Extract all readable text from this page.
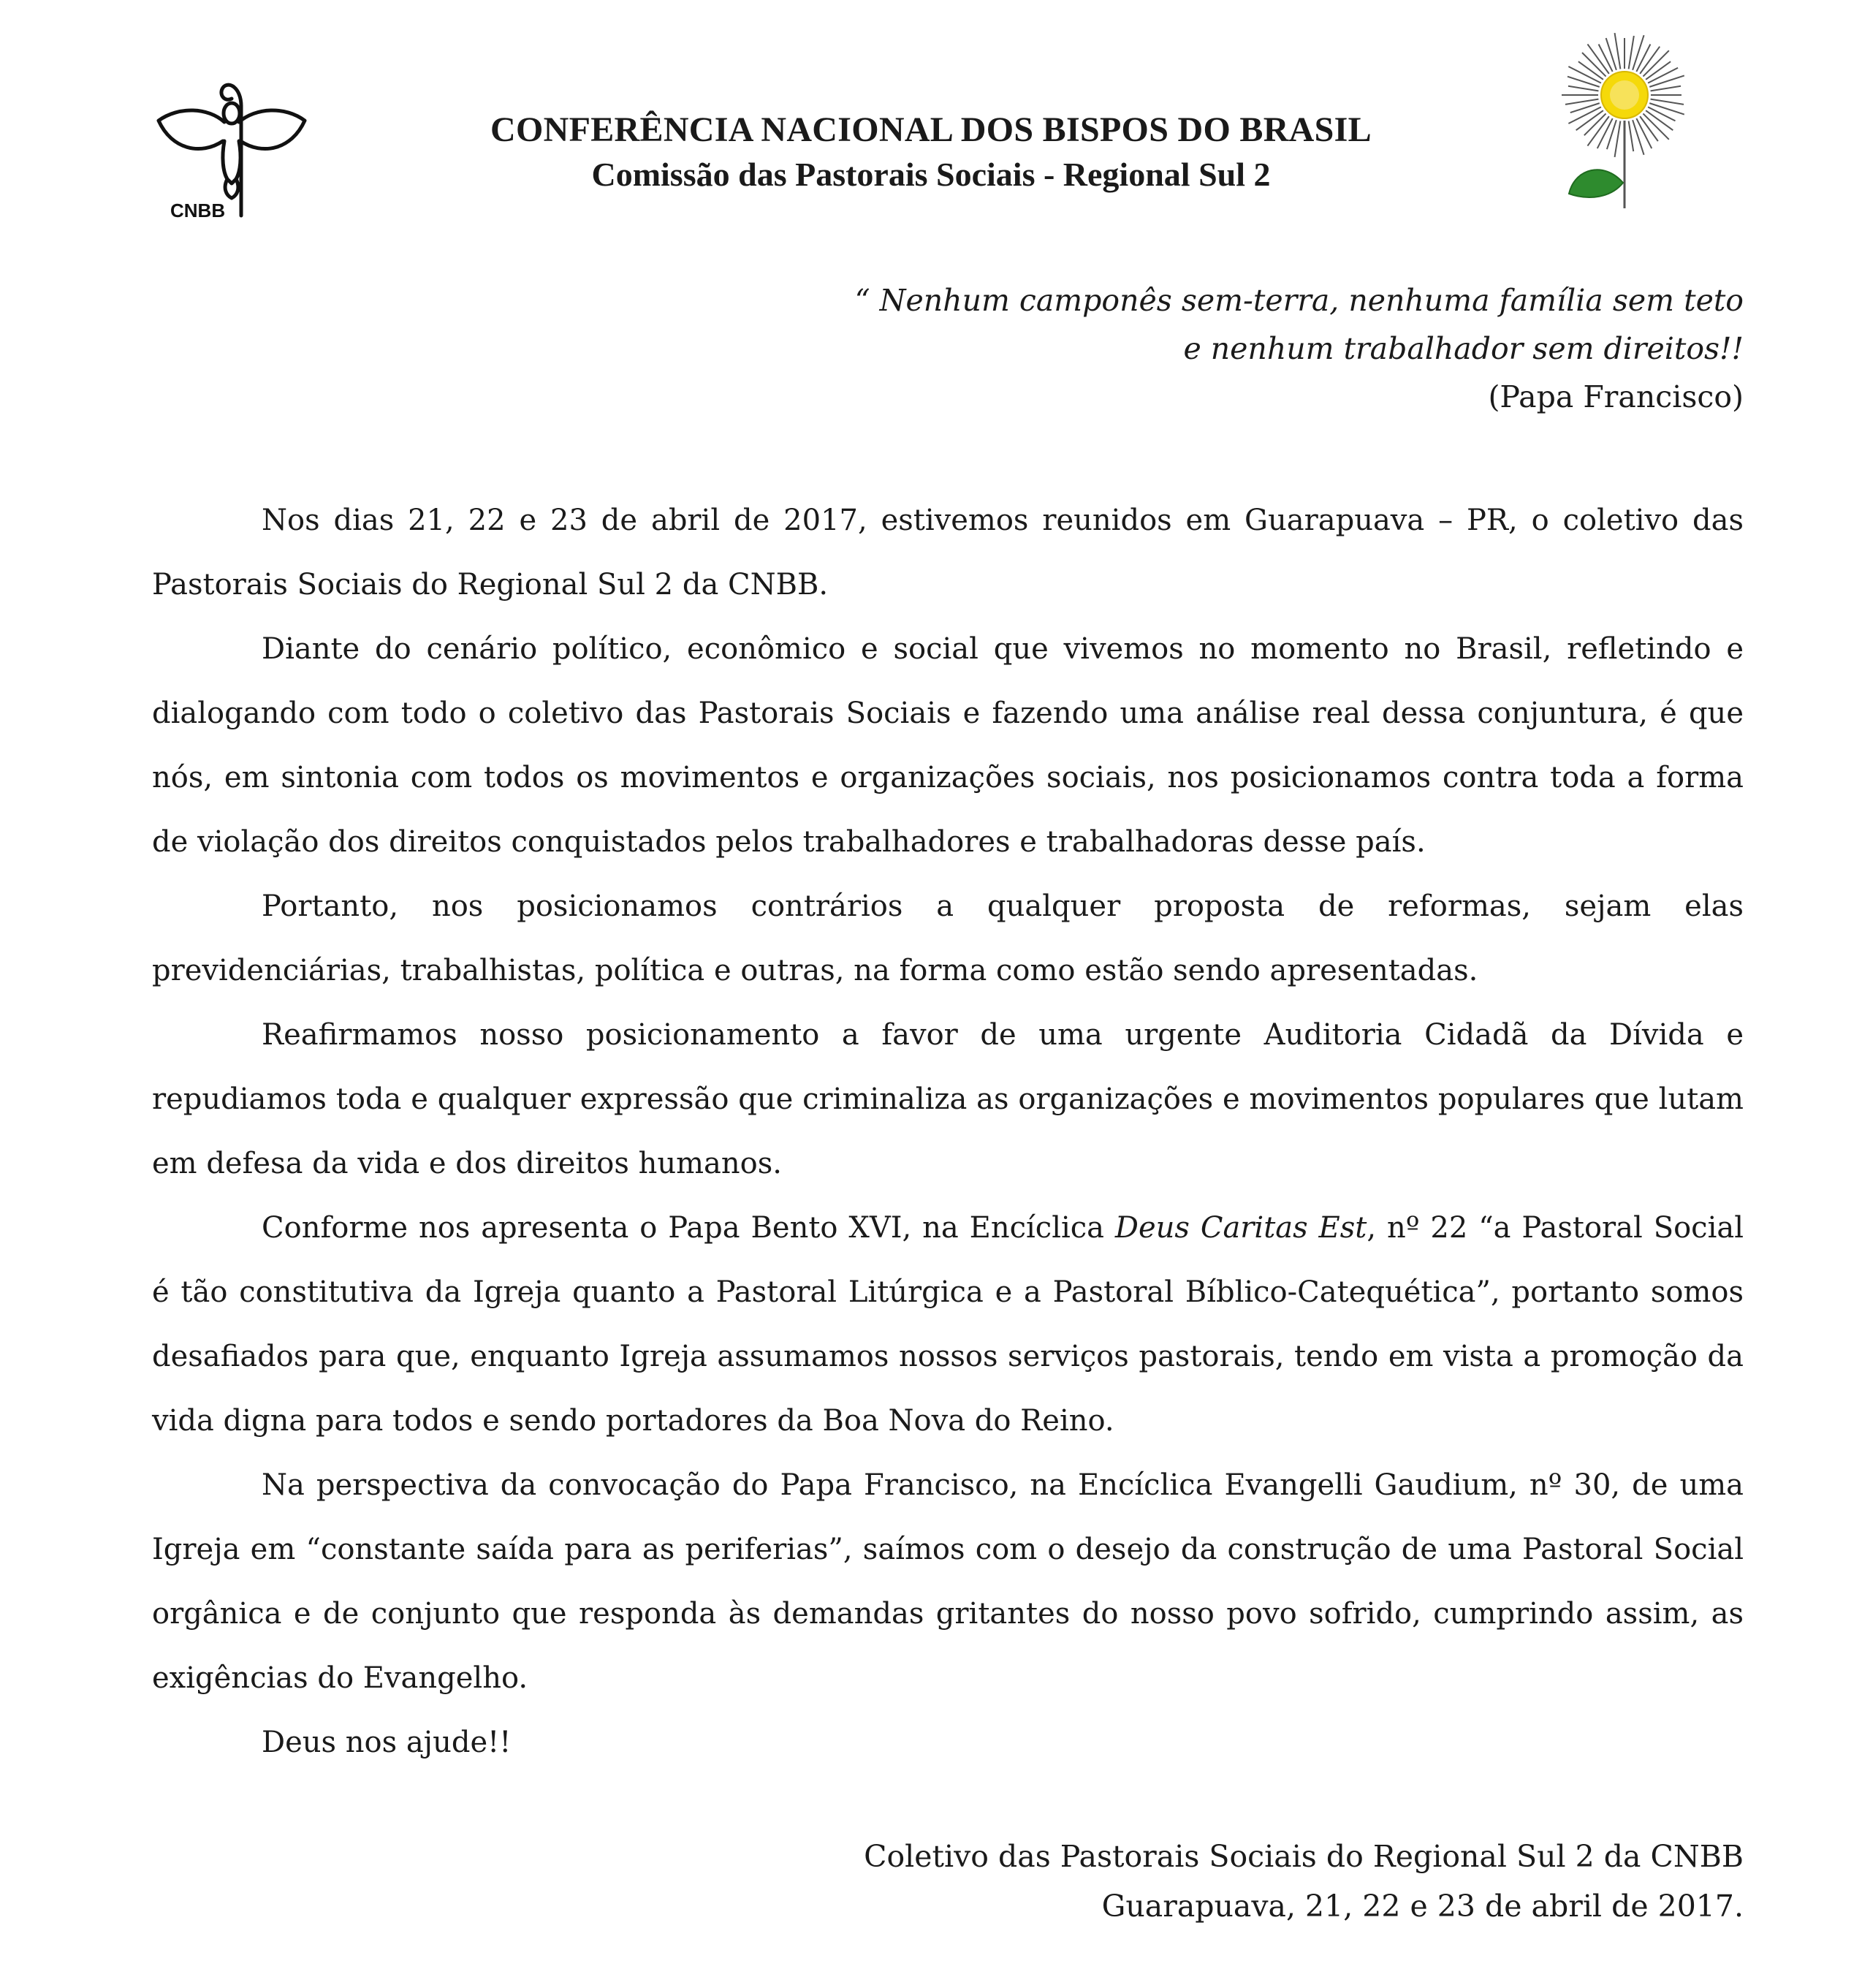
CNBB
CONFERÊNCIA NACIONAL DOS BISPOS DO BRASIL
Comissão das Pastorais Sociais - Regional Sul 2
“ Nenhum camponês sem-terra, nenhuma família sem teto
e nenhum trabalhador sem direitos!!
(Papa Francisco)

Nos dias 21, 22 e 23 de abril de 2017, estivemos reunidos em Guarapuava – PR, o coletivo das Pastorais Sociais do Regional Sul 2 da CNBB.

Diante do cenário político, econômico e social que vivemos no momento no Brasil, refletindo e dialogando com todo o coletivo das Pastorais Sociais e fazendo uma análise real dessa conjuntura, é que nós, em sintonia com todos os movimentos e organizações sociais, nos posicionamos contra toda a forma de violação dos direitos conquistados pelos trabalhadores e trabalhadoras desse país.

Portanto, nos posicionamos contrários a qualquer proposta de reformas, sejam elas previdenciárias, trabalhistas, política e outras, na forma como estão sendo apresentadas.

Reafirmamos nosso posicionamento a favor de uma urgente Auditoria Cidadã da Dívida e repudiamos toda e qualquer expressão que criminaliza as organizações e movimentos populares que lutam em defesa da vida e dos direitos humanos.

Conforme nos apresenta o Papa Bento XVI, na Encíclica Deus Caritas Est, nº 22 “a Pastoral Social é tão constitutiva da Igreja quanto a Pastoral Litúrgica e a Pastoral Bíblico-Catequética”, portanto somos desafiados para que, enquanto Igreja assumamos nossos serviços pastorais, tendo em vista a promoção da vida digna para todos e sendo portadores da Boa Nova do Reino.

Na perspectiva da convocação do Papa Francisco, na Encíclica Evangelli Gaudium, nº 30, de uma Igreja em “constante saída para as periferias”, saímos com o desejo da construção de uma Pastoral Social orgânica e de conjunto que responda às demandas gritantes do nosso povo sofrido, cumprindo assim, as exigências do Evangelho.

Deus nos ajude!!

Coletivo das Pastorais Sociais do Regional Sul 2 da CNBB
Guarapuava, 21, 22 e 23 de abril de 2017.
